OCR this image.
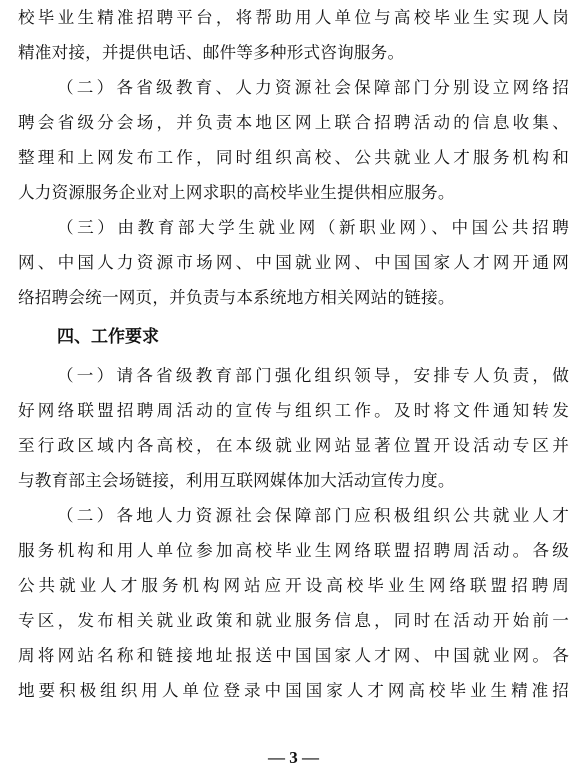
校毕业生精准招聘平台，将帮助用人单位与高校毕业生实现人岗
精准对接，并提供电话、邮件等多种形式咨询服务。
（二）各省级教育、人力资源社会保障部门分别设立网络招
聘会省级分会场，并负责本地区网上联合招聘活动的信息收集、
整理和上网发布工作，同时组织高校、公共就业人才服务机构和
人力资源服务企业对上网求职的高校毕业生提供相应服务。
（三）由教育部大学生就业网（新职业网）、中国公共招聘
网、中国人力资源市场网、中国就业网、中国国家人才网开通网
络招聘会统一网页，并负责与本系统地方相关网站的链接。
四、工作要求
（一）请各省级教育部门强化组织领导，安排专人负责，做
好网络联盟招聘周活动的宣传与组织工作。及时将文件通知转发
至行政区域内各高校，在本级就业网站显著位置开设活动专区并
与教育部主会场链接，利用互联网媒体加大活动宣传力度。
（二）各地人力资源社会保障部门应积极组织公共就业人才
服务机构和用人单位参加高校毕业生网络联盟招聘周活动。各级
公共就业人才服务机构网站应开设高校毕业生网络联盟招聘周
专区，发布相关就业政策和就业服务信息，同时在活动开始前一
周将网站名称和链接地址报送中国国家人才网、中国就业网。各
地要积极组织用人单位登录中国国家人才网高校毕业生精准招
— 3 —
